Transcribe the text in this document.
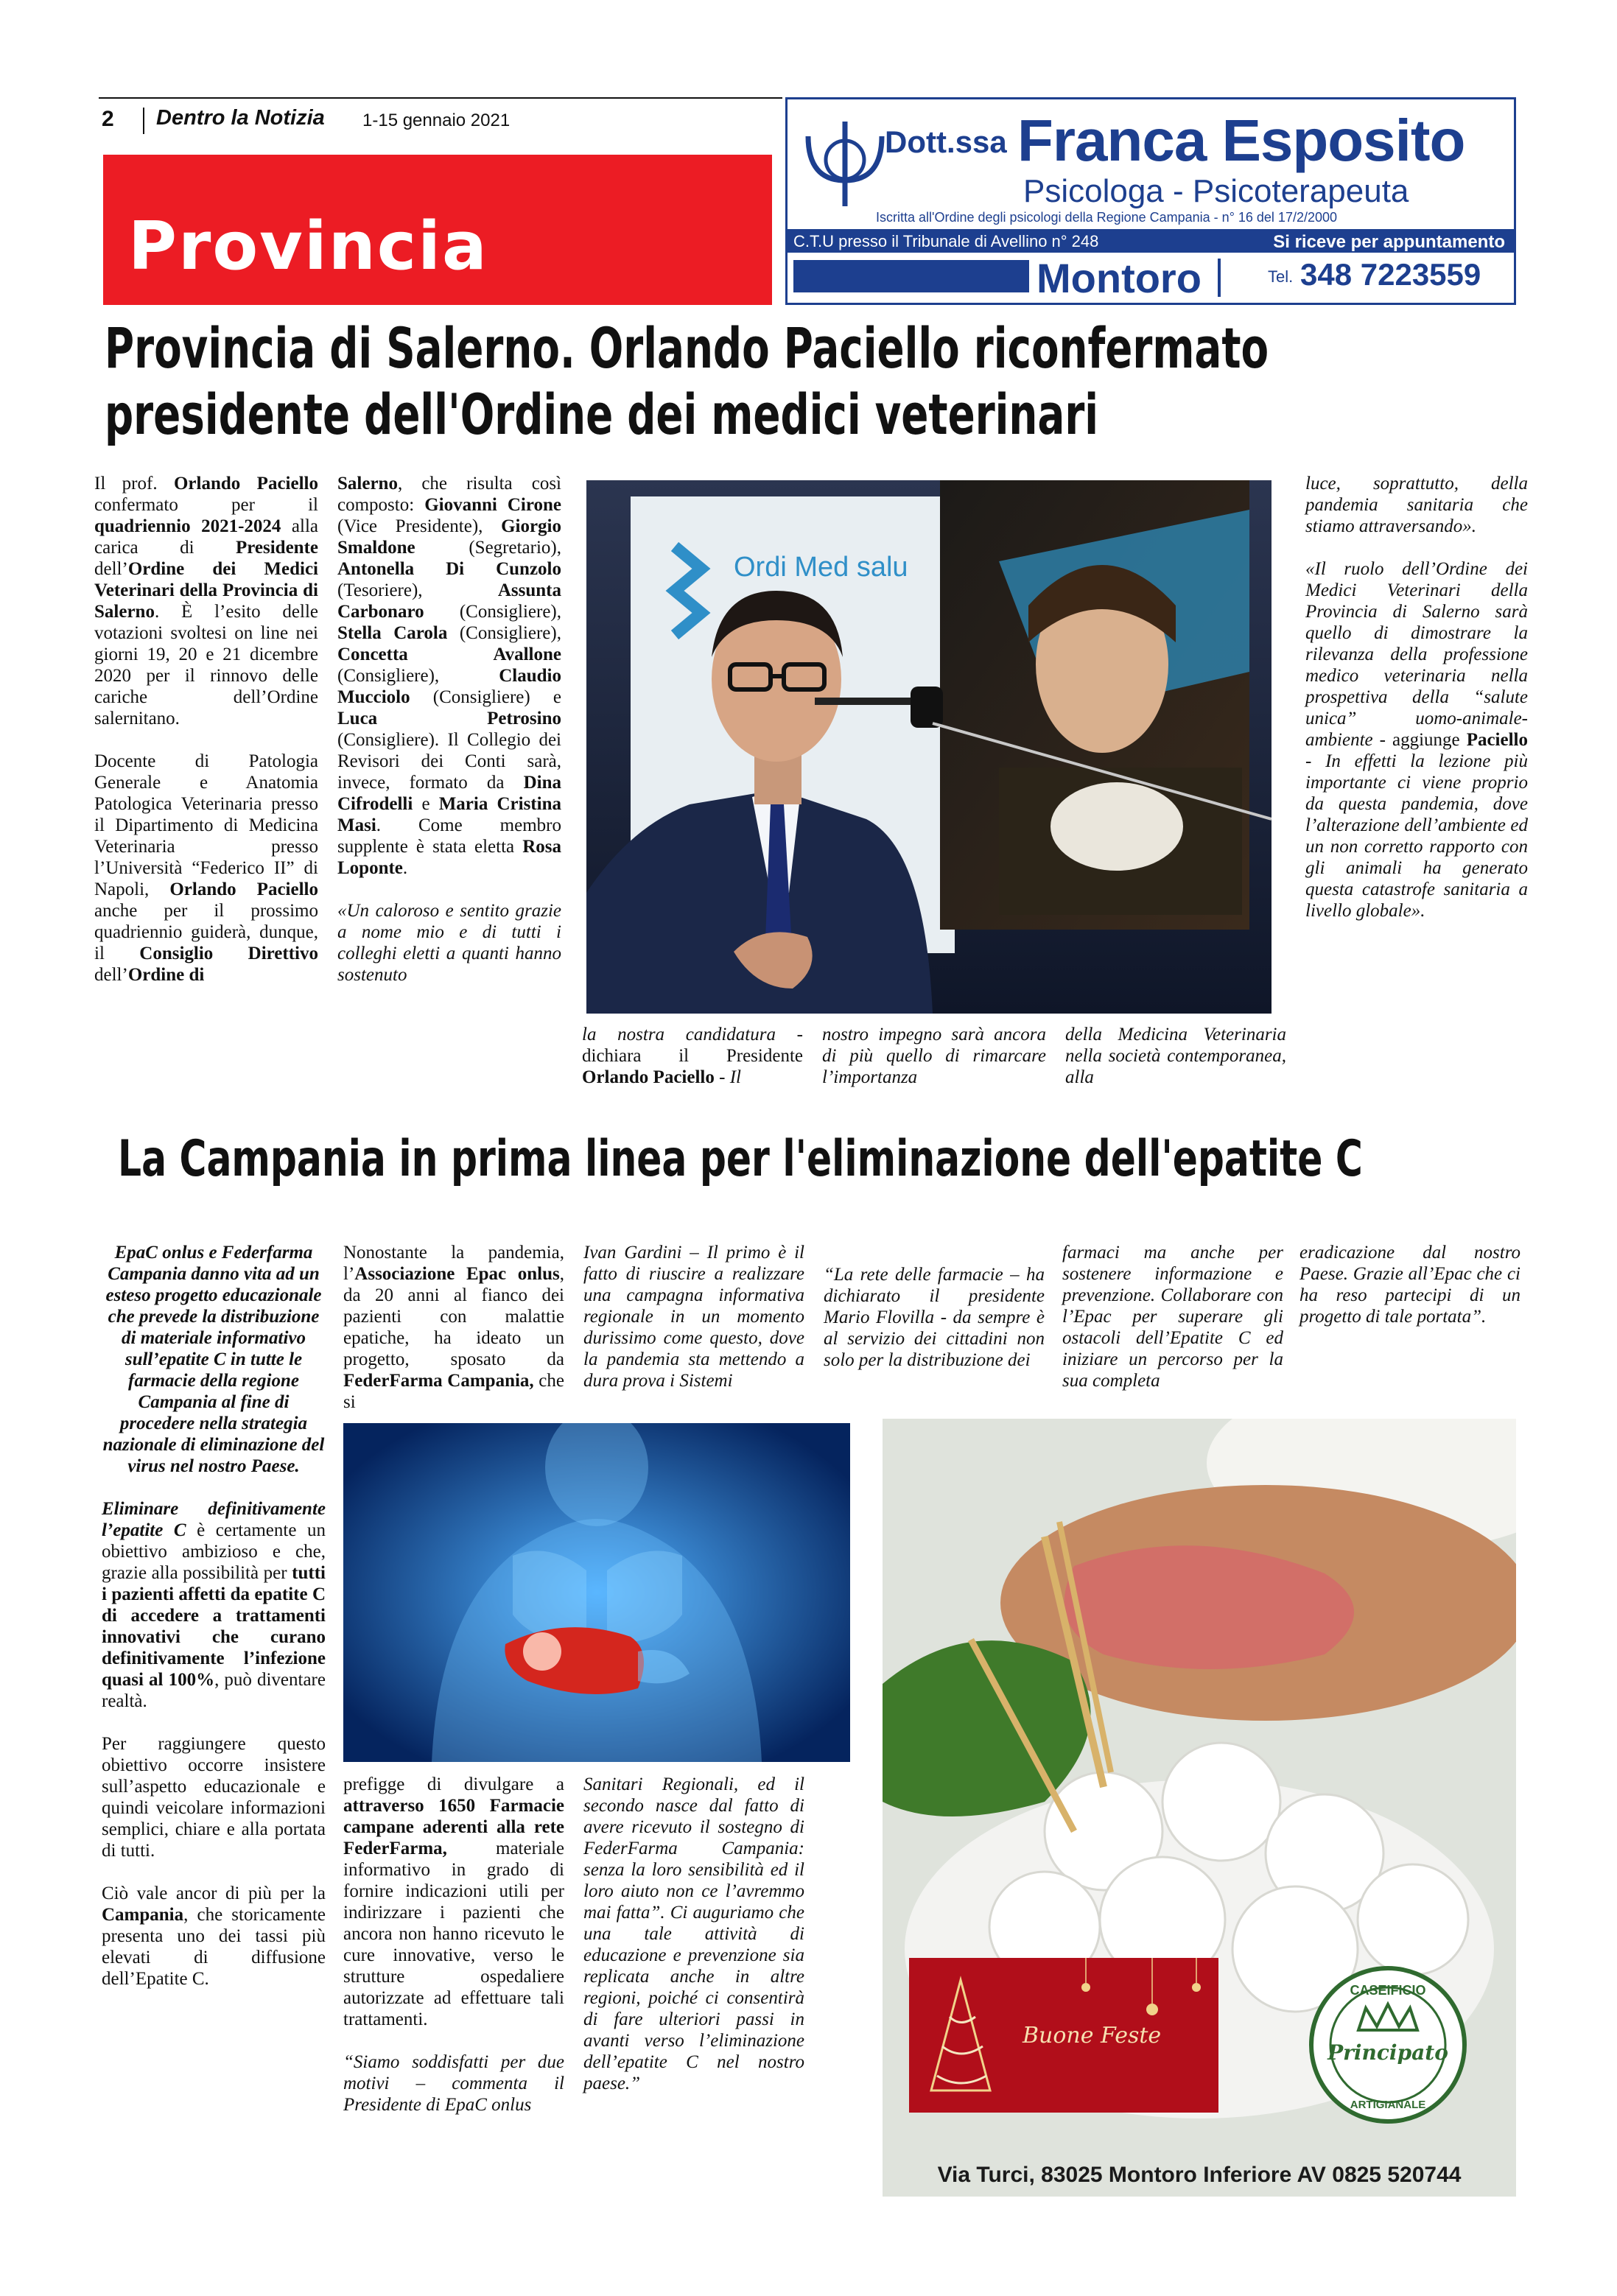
2 Dentro la Notizia 1-15 gennaio 2021
Provincia
Dott.ssa Franca Esposito
Psicologa - Psicoterapeuta
Iscritta all'Ordine degli psicologi della Regione Campania - n° 16 del 17/2/2000
C.T.U presso il Tribunale di Avellino n° 248	Si riceve per appuntamento
Montoro	Tel. 348 7223559
Provincia di Salerno. Orlando Paciello riconfermato
presidente dell'Ordine dei medici veterinari

Il prof. Orlando Paciello confermato per il quadriennio 2021-2024 alla carica di Presidente dell’Ordine dei Medici Veterinari della Provincia di Salerno. È l’esito delle votazioni svoltesi on line nei giorni 19, 20 e 21 dicembre 2020 per il rinnovo delle cariche dell’Ordine salernitano.

Docente di Patologia Generale e Anatomia Patologica Veterinaria presso il Dipartimento di Medicina Veterinaria presso l’Università “Federico II” di Napoli, Orlando Paciello anche per il prossimo quadriennio guiderà, dunque, il Consiglio Direttivo dell’Ordine di

Salerno, che risulta così composto: Giovanni Cirone (Vice Presidente), Giorgio Smaldone (Segretario), Antonella Di Cunzolo (Tesoriere), Assunta Carbonaro (Consigliere), Stella Carola (Consigliere), Concetta Avallone (Consigliere), Claudio Mucciolo (Consigliere) e Luca Petrosino (Consigliere). Il Collegio dei Revisori dei Conti sarà, invece, formato da Dina Cifrodelli e Maria Cristina Masi. Come membro supplente è stata eletta Rosa Loponte.

«Un caloroso e sentito grazie a nome mio e di tutti i colleghi eletti a quanti hanno sostenuto

Ordi Med salu

la nostra candidatura - dichiara il Presidente Orlando Paciello - Il

nostro impegno sarà ancora di più quello di rimarcare l’importanza

della Medicina Veterinaria nella società contemporanea, alla

luce, soprattutto, della pandemia sanitaria che stiamo attraversando».

«Il ruolo dell’Ordine dei Medici Veterinari della Provincia di Salerno sarà quello di dimostrare la rilevanza della professione medico veterinaria nella prospettiva della “salute unica” uomo-animale-ambiente - aggiunge Paciello - In effetti la lezione più importante ci viene proprio da questa pandemia, dove l’alterazione dell’ambiente ed un non corretto rapporto con gli animali ha generato questa catastrofe sanitaria a livello globale».

La Campania in prima linea per l'eliminazione dell'epatite C

EpaC onlus e Federfarma Campania danno vita ad un esteso progetto educazionale che prevede la distribuzione di materiale informativo sull’epatite C in tutte le farmacie della regione Campania al fine di procedere nella strategia nazionale di eliminazione del virus nel nostro Paese.

Eliminare definitivamente l’epatite C è certamente un obiettivo ambizioso e che, grazie alla possibilità per tutti i pazienti affetti da epatite C di accedere a trattamenti innovativi che curano definitivamente l’infezione quasi al 100%, può diventare realtà.

Per raggiungere questo obiettivo occorre insistere sull’aspetto educazionale e quindi veicolare informazioni semplici, chiare e alla portata di tutti.

Ciò vale ancor di più per la Campania, che storicamente presenta uno dei tassi più elevati di diffusione dell’Epatite C.

Nonostante la pandemia, l’Associazione Epac onlus, da 20 anni al fianco dei pazienti con malattie epatiche, ha ideato un progetto, sposato da FederFarma Campania, che si

prefigge di divulgare a attraverso 1650 Farmacie campane aderenti alla rete FederFarma, materiale informativo in grado di fornire indicazioni utili per indirizzare i pazienti che ancora non hanno ricevuto le cure innovative, verso le strutture ospedaliere autorizzate ad effettuare tali trattamenti.

“Siamo soddisfatti per due motivi – commenta il Presidente di EpaC onlus

Ivan Gardini – Il primo è il fatto di riuscire a realizzare una campagna informativa regionale in un momento durissimo come questo, dove la pandemia sta mettendo a dura prova i Sistemi

Sanitari Regionali, ed il secondo nasce dal fatto di avere ricevuto il sostegno di FederFarma Campania: senza la loro sensibilità ed il loro aiuto non ce l’avremmo mai fatta”. Ci auguriamo che una tale attività di educazione e prevenzione sia replicata anche in altre regioni, poiché ci consentirà di fare ulteriori passi in avanti verso l’eliminazione dell’epatite C nel nostro paese.”

“La rete delle farmacie – ha dichiarato il presidente Mario Flovilla - da sempre è al servizio dei cittadini non solo per la distribuzione dei

farmaci ma anche per sostenere informazione e prevenzione. Collaborare con l’Epac per superare gli ostacoli dell’Epatite C ed iniziare un percorso per la sua completa

eradicazione dal nostro Paese. Grazie all’Epac che ci ha reso partecipi di un progetto di tale portata”.

Buone Feste
CASEIFICIO
Principato
ARTIGIANALE
Via Turci, 83025 Montoro Inferiore AV 0825 520744
